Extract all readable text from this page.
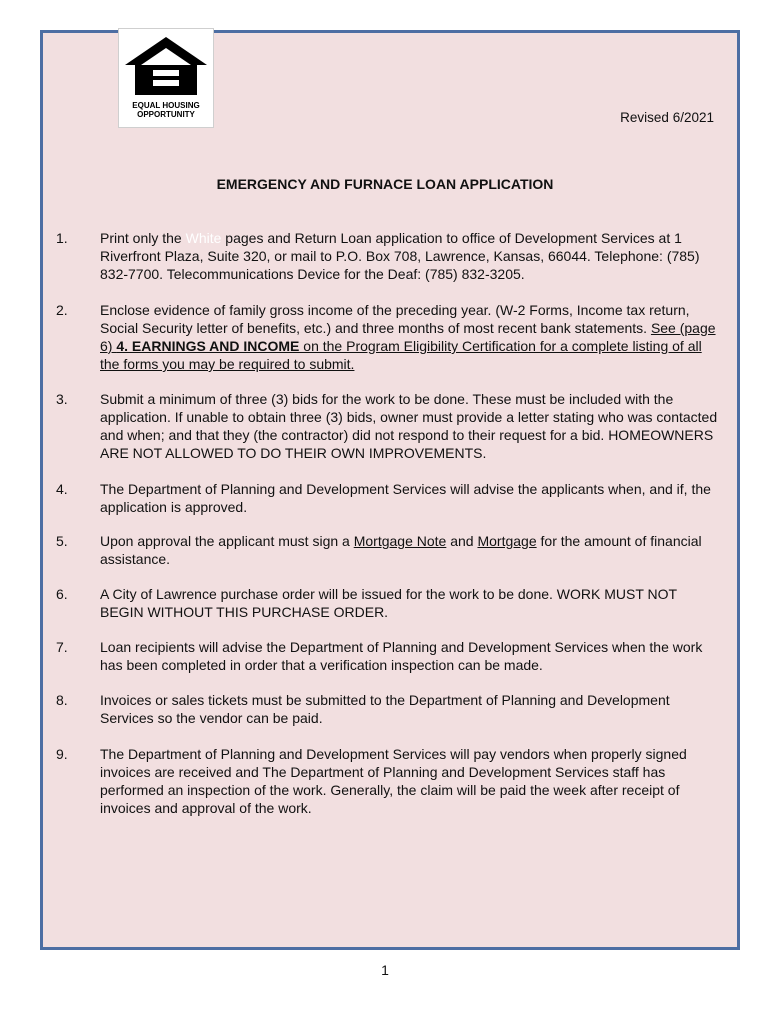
EQUAL HOUSING
OPPORTUNITY	Revised 6/2021
EMERGENCY AND FURNACE LOAN APPLICATION
1. Print only the White pages and Return Loan application to office of Development Services at 1 Riverfront Plaza, Suite 320, or mail to P.O. Box 708, Lawrence, Kansas, 66044. Telephone: (785) 832-7700. Telecommunications Device for the Deaf: (785) 832-3205.
2. Enclose evidence of family gross income of the preceding year. (W-2 Forms, Income tax return, Social Security letter of benefits, etc.) and three months of most recent bank statements. See (page 6) 4. EARNINGS AND INCOME on the Program Eligibility Certification for a complete listing of all the forms you may be required to submit.
3. Submit a minimum of three (3) bids for the work to be done. These must be included with the application. If unable to obtain three (3) bids, owner must provide a letter stating who was contacted and when; and that they (the contractor) did not respond to their request for a bid. HOMEOWNERS ARE NOT ALLOWED TO DO THEIR OWN IMPROVEMENTS.
4. The Department of Planning and Development Services will advise the applicants when, and if, the application is approved.
5. Upon approval the applicant must sign a Mortgage Note and Mortgage for the amount of financial assistance.
6. A City of Lawrence purchase order will be issued for the work to be done. WORK MUST NOT BEGIN WITHOUT THIS PURCHASE ORDER.
7. Loan recipients will advise the Department of Planning and Development Services when the work has been completed in order that a verification inspection can be made.
8. Invoices or sales tickets must be submitted to the Department of Planning and Development Services so the vendor can be paid.
9. The Department of Planning and Development Services will pay vendors when properly signed invoices are received and The Department of Planning and Development Services staff has performed an inspection of the work. Generally, the claim will be paid the week after receipt of invoices and approval of the work.
1
